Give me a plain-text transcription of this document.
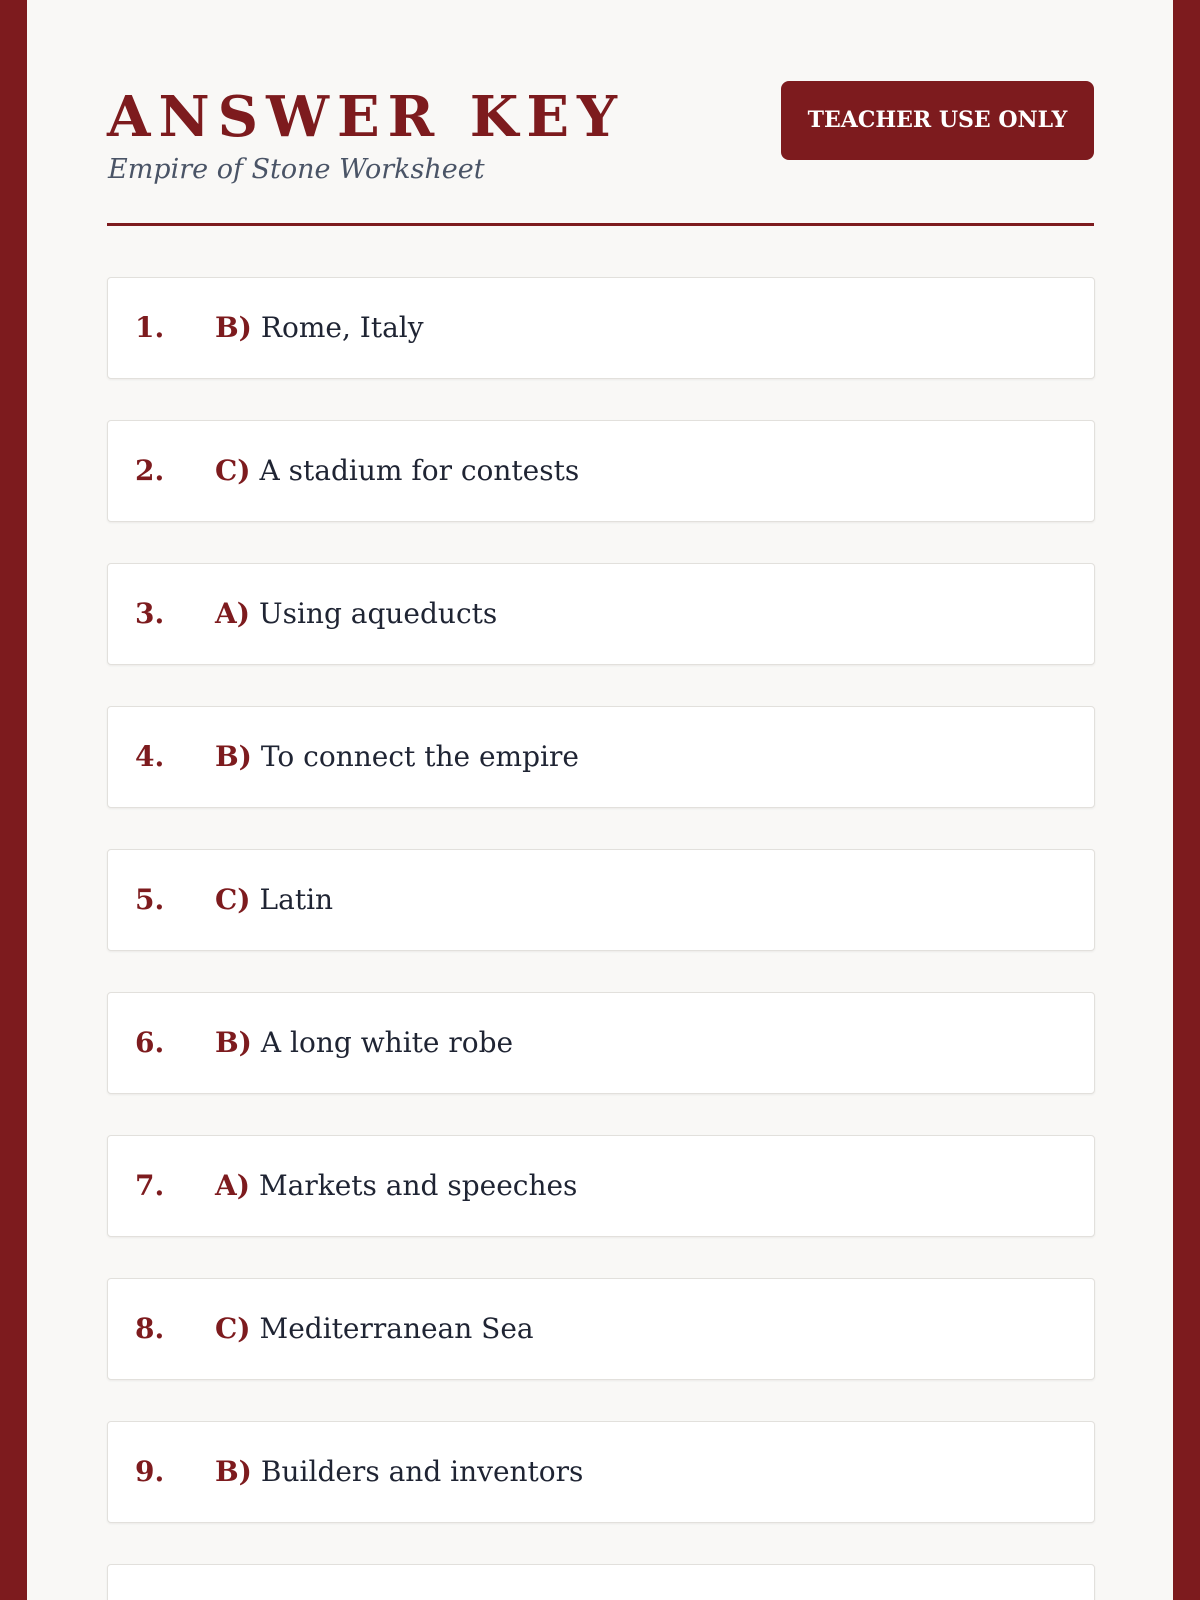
ANSWER KEY
Empire of Stone Worksheet
TEACHER USE ONLY
1. B) Rome, Italy
2. C) A stadium for contests
3. A) Using aqueducts
4. B) To connect the empire
5. C) Latin
6. B) A long white robe
7. A) Markets and speeches
8. C) Mediterranean Sea
9. B) Builders and inventors
